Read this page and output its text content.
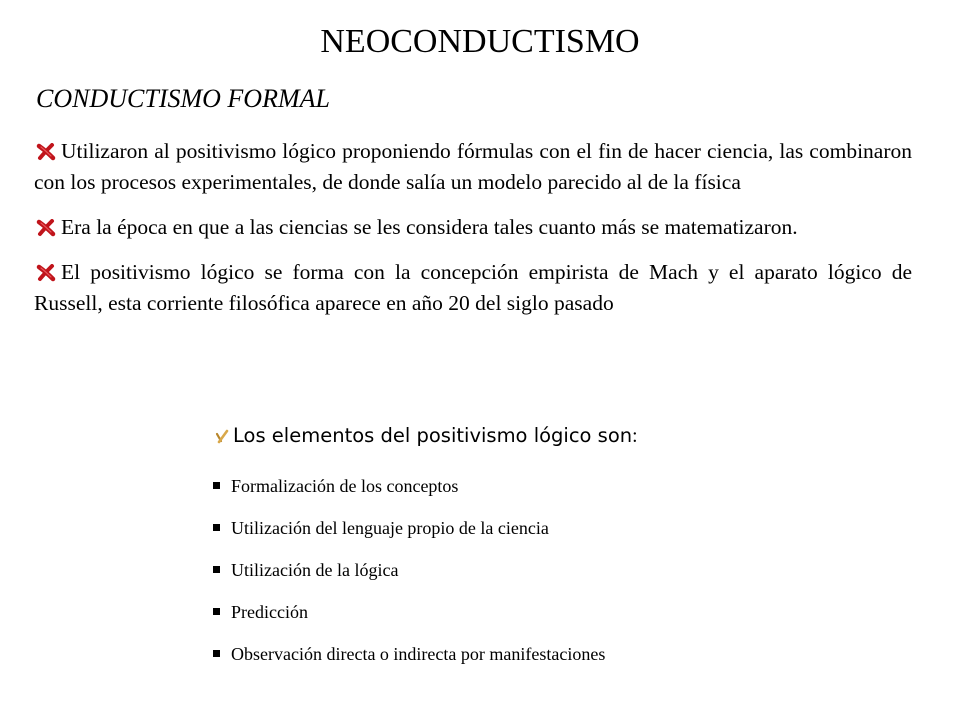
NEOCONDUCTISMO
CONDUCTISMO FORMAL
Utilizaron al positivismo lógico proponiendo fórmulas con el fin de hacer ciencia, las combinaron con los procesos experimentales, de donde salía un modelo parecido al de la física
Era la época en que a las ciencias se les considera tales cuanto más se matematizaron.
El positivismo lógico se forma con la concepción empirista de Mach y el aparato lógico de Russell, esta corriente filosófica aparece en año 20 del siglo pasado
Los elementos del positivismo lógico son:
Formalización de los conceptos
Utilización del lenguaje propio de la ciencia
Utilización de la lógica
Predicción
Observación directa o indirecta por manifestaciones
